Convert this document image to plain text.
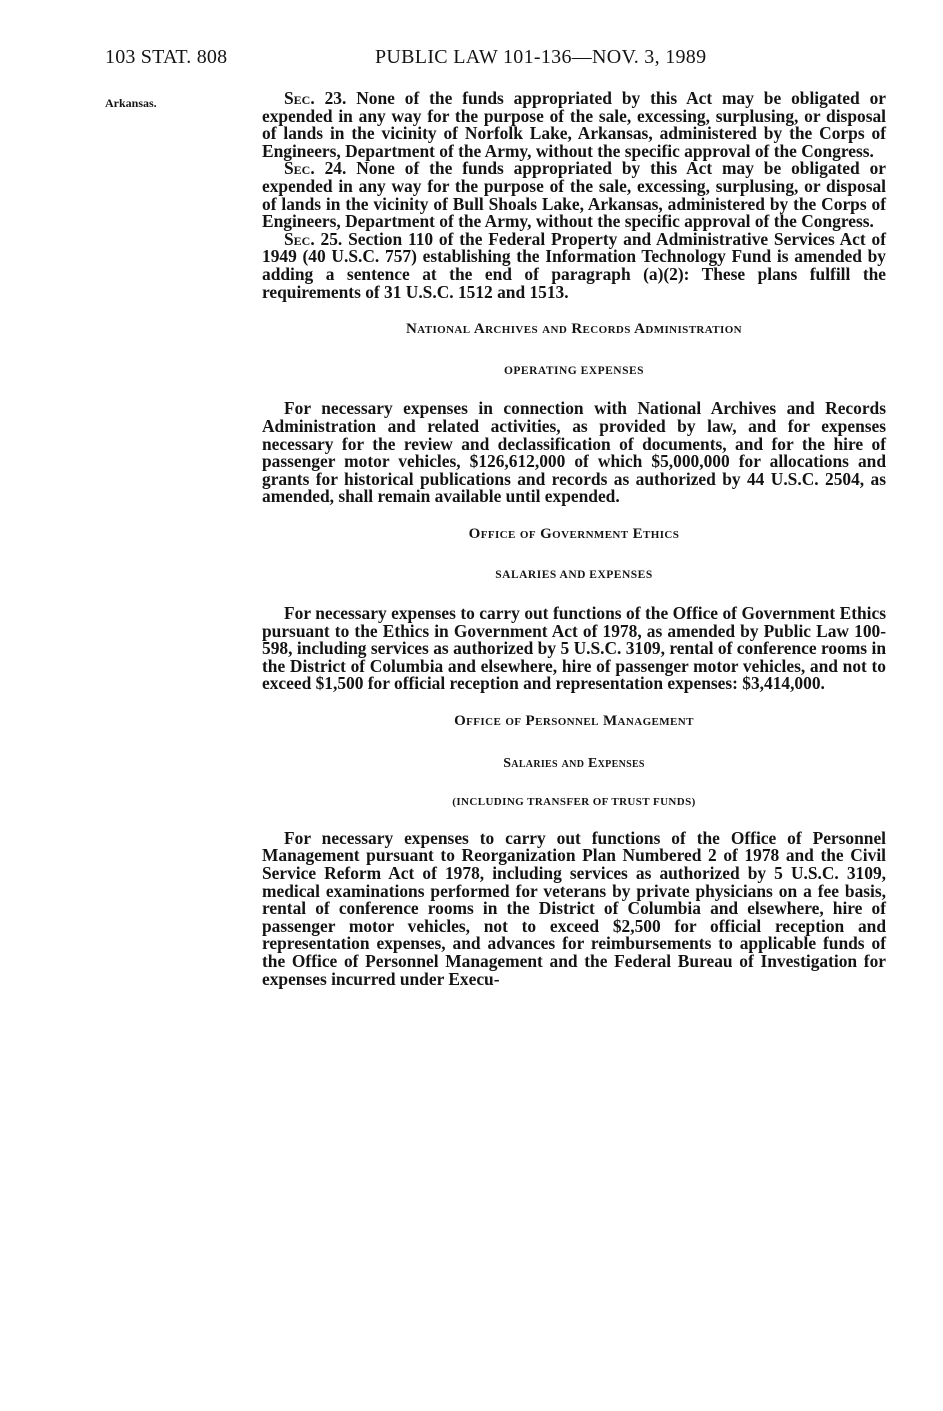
103 STAT. 808	PUBLIC LAW 101-136—NOV. 3, 1989
Arkansas.	Sec. 23. None of the funds appropriated by this Act may be obligated or expended in any way for the purpose of the sale, excessing, surplusing, or disposal of lands in the vicinity of Norfolk Lake, Arkansas, administered by the Corps of Engineers, Department of the Army, without the specific approval of the Congress.

Sec. 24. None of the funds appropriated by this Act may be obligated or expended in any way for the purpose of the sale, excessing, surplusing, or disposal of lands in the vicinity of Bull Shoals Lake, Arkansas, administered by the Corps of Engineers, Department of the Army, without the specific approval of the Congress.

Sec. 25. Section 110 of the Federal Property and Administrative Services Act of 1949 (40 U.S.C. 757) establishing the Information Technology Fund is amended by adding a sentence at the end of paragraph (a)(2): These plans fulfill the requirements of 31 U.S.C. 1512 and 1513.

National Archives and Records Administration
OPERATING EXPENSES

For necessary expenses in connection with National Archives and Records Administration and related activities, as provided by law, and for expenses necessary for the review and declassification of documents, and for the hire of passenger motor vehicles, $126,612,000 of which $5,000,000 for allocations and grants for historical publications and records as authorized by 44 U.S.C. 2504, as amended, shall remain available until expended.

Office of Government Ethics
SALARIES AND EXPENSES

For necessary expenses to carry out functions of the Office of Government Ethics pursuant to the Ethics in Government Act of 1978, as amended by Public Law 100-598, including services as authorized by 5 U.S.C. 3109, rental of conference rooms in the District of Columbia and elsewhere, hire of passenger motor vehicles, and not to exceed $1,500 for official reception and representation expenses: $3,414,000.

Office of Personnel Management
Salaries and Expenses
(INCLUDING TRANSFER OF TRUST FUNDS)

For necessary expenses to carry out functions of the Office of Personnel Management pursuant to Reorganization Plan Numbered 2 of 1978 and the Civil Service Reform Act of 1978, including services as authorized by 5 U.S.C. 3109, medical examinations performed for veterans by private physicians on a fee basis, rental of conference rooms in the District of Columbia and elsewhere, hire of passenger motor vehicles, not to exceed $2,500 for official reception and representation expenses, and advances for reimbursements to applicable funds of the Office of Personnel Management and the Federal Bureau of Investigation for expenses incurred under Execu-
